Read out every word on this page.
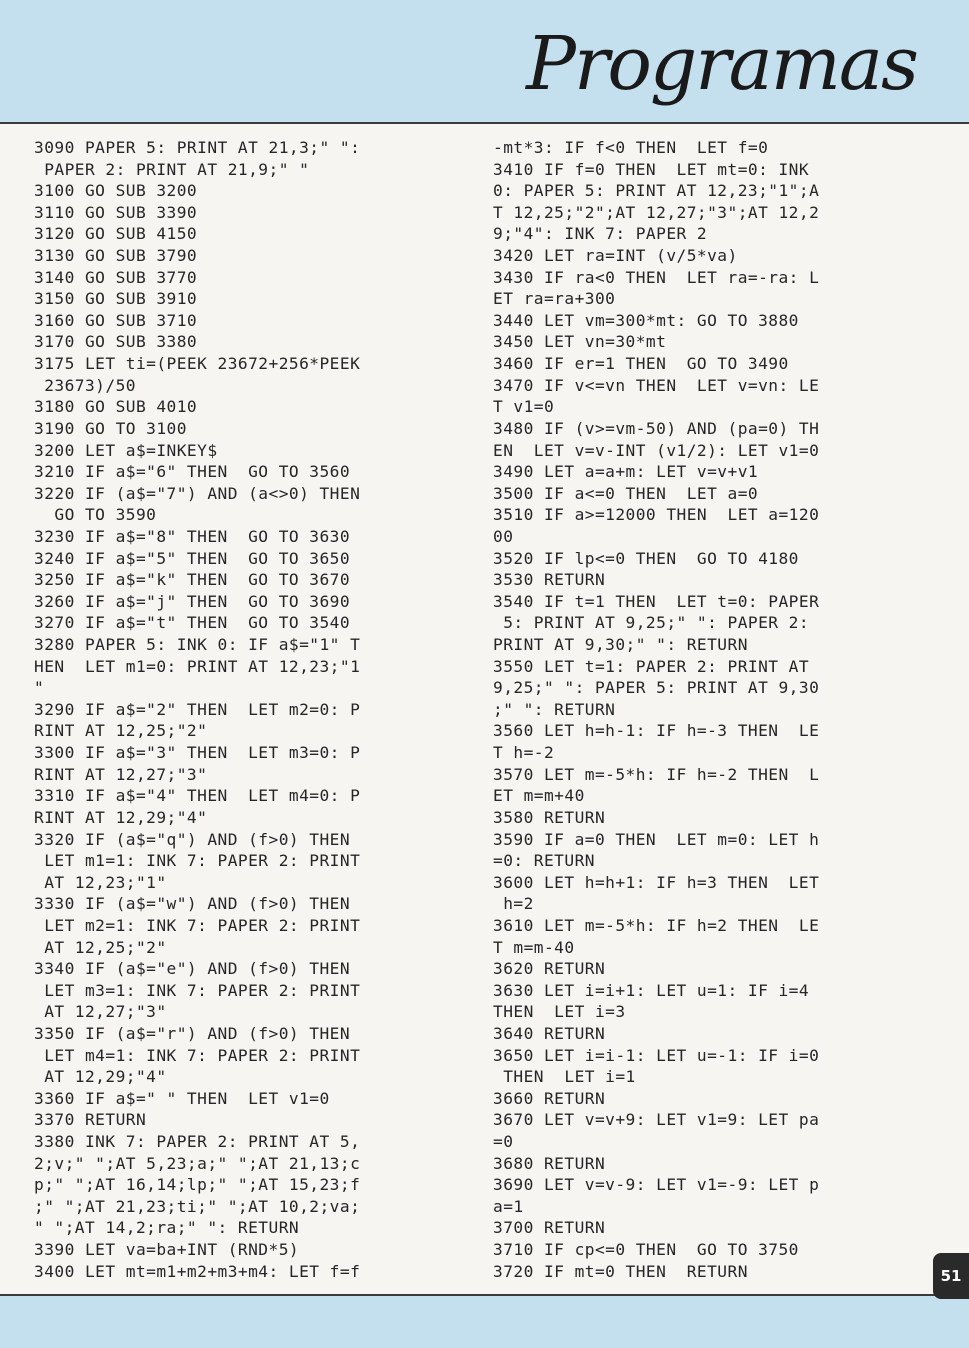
Programas
3090 PAPER 5: PRINT AT 21,3;" ":
PAPER 2: PRINT AT 21,9;" "
3100 GO SUB 3200
3110 GO SUB 3390
3120 GO SUB 4150
3130 GO SUB 3790
3140 GO SUB 3770
3150 GO SUB 3910
3160 GO SUB 3710
3170 GO SUB 3380
3175 LET ti=(PEEK 23672+256*PEEK
23673)/50
3180 GO SUB 4010
3190 GO TO 3100
3200 LET a$=INKEY$
3210 IF a$="6" THEN  GO TO 3560
3220 IF (a$="7") AND (a<>0) THEN
GO TO 3590
3230 IF a$="8" THEN  GO TO 3630
3240 IF a$="5" THEN  GO TO 3650
3250 IF a$="k" THEN  GO TO 3670
3260 IF a$="j" THEN  GO TO 3690
3270 IF a$="t" THEN  GO TO 3540
3280 PAPER 5: INK 0: IF a$="1" T
HEN  LET m1=0: PRINT AT 12,23;"1
"
3290 IF a$="2" THEN  LET m2=0: P
RINT AT 12,25;"2"
3300 IF a$="3" THEN  LET m3=0: P
RINT AT 12,27;"3"
3310 IF a$="4" THEN  LET m4=0: P
RINT AT 12,29;"4"
3320 IF (a$="q") AND (f>0) THEN
LET m1=1: INK 7: PAPER 2: PRINT
AT 12,23;"1"
3330 IF (a$="w") AND (f>0) THEN
LET m2=1: INK 7: PAPER 2: PRINT
AT 12,25;"2"
3340 IF (a$="e") AND (f>0) THEN
LET m3=1: INK 7: PAPER 2: PRINT
AT 12,27;"3"
3350 IF (a$="r") AND (f>0) THEN
LET m4=1: INK 7: PAPER 2: PRINT
AT 12,29;"4"
3360 IF a$=" " THEN  LET v1=0
3370 RETURN
3380 INK 7: PAPER 2: PRINT AT 5,
2;v;" ";AT 5,23;a;" ";AT 21,13;c
p;" ";AT 16,14;lp;" ";AT 15,23;f
;" ";AT 21,23;ti;" ";AT 10,2;va;
" ";AT 14,2;ra;" ": RETURN
3390 LET va=ba+INT (RND*5)
3400 LET mt=m1+m2+m3+m4: LET f=f
-mt*3: IF f<0 THEN  LET f=0
3410 IF f=0 THEN  LET mt=0: INK
0: PAPER 5: PRINT AT 12,23;"1";A
T 12,25;"2";AT 12,27;"3";AT 12,2
9;"4": INK 7: PAPER 2
3420 LET ra=INT (v/5*va)
3430 IF ra<0 THEN  LET ra=-ra: L
ET ra=ra+300
3440 LET vm=300*mt: GO TO 3880
3450 LET vn=30*mt
3460 IF er=1 THEN  GO TO 3490
3470 IF v<=vn THEN  LET v=vn: LE
T v1=0
3480 IF (v>=vm-50) AND (pa=0) TH
EN  LET v=v-INT (v1/2): LET v1=0
3490 LET a=a+m: LET v=v+v1
3500 IF a<=0 THEN  LET a=0
3510 IF a>=12000 THEN  LET a=120
00
3520 IF lp<=0 THEN  GO TO 4180
3530 RETURN
3540 IF t=1 THEN  LET t=0: PAPER
5: PRINT AT 9,25;" ": PAPER 2:
PRINT AT 9,30;" ": RETURN
3550 LET t=1: PAPER 2: PRINT AT
9,25;" ": PAPER 5: PRINT AT 9,30
;" ": RETURN
3560 LET h=h-1: IF h=-3 THEN  LE
T h=-2
3570 LET m=-5*h: IF h=-2 THEN  L
ET m=m+40
3580 RETURN
3590 IF a=0 THEN  LET m=0: LET h
=0: RETURN
3600 LET h=h+1: IF h=3 THEN  LET
h=2
3610 LET m=-5*h: IF h=2 THEN  LE
T m=m-40
3620 RETURN
3630 LET i=i+1: LET u=1: IF i=4
THEN  LET i=3
3640 RETURN
3650 LET i=i-1: LET u=-1: IF i=0
THEN  LET i=1
3660 RETURN
3670 LET v=v+9: LET v1=9: LET pa
=0
3680 RETURN
3690 LET v=v-9: LET v1=-9: LET p
a=1
3700 RETURN
3710 IF cp<=0 THEN  GO TO 3750
3720 IF mt=0 THEN  RETURN	51
